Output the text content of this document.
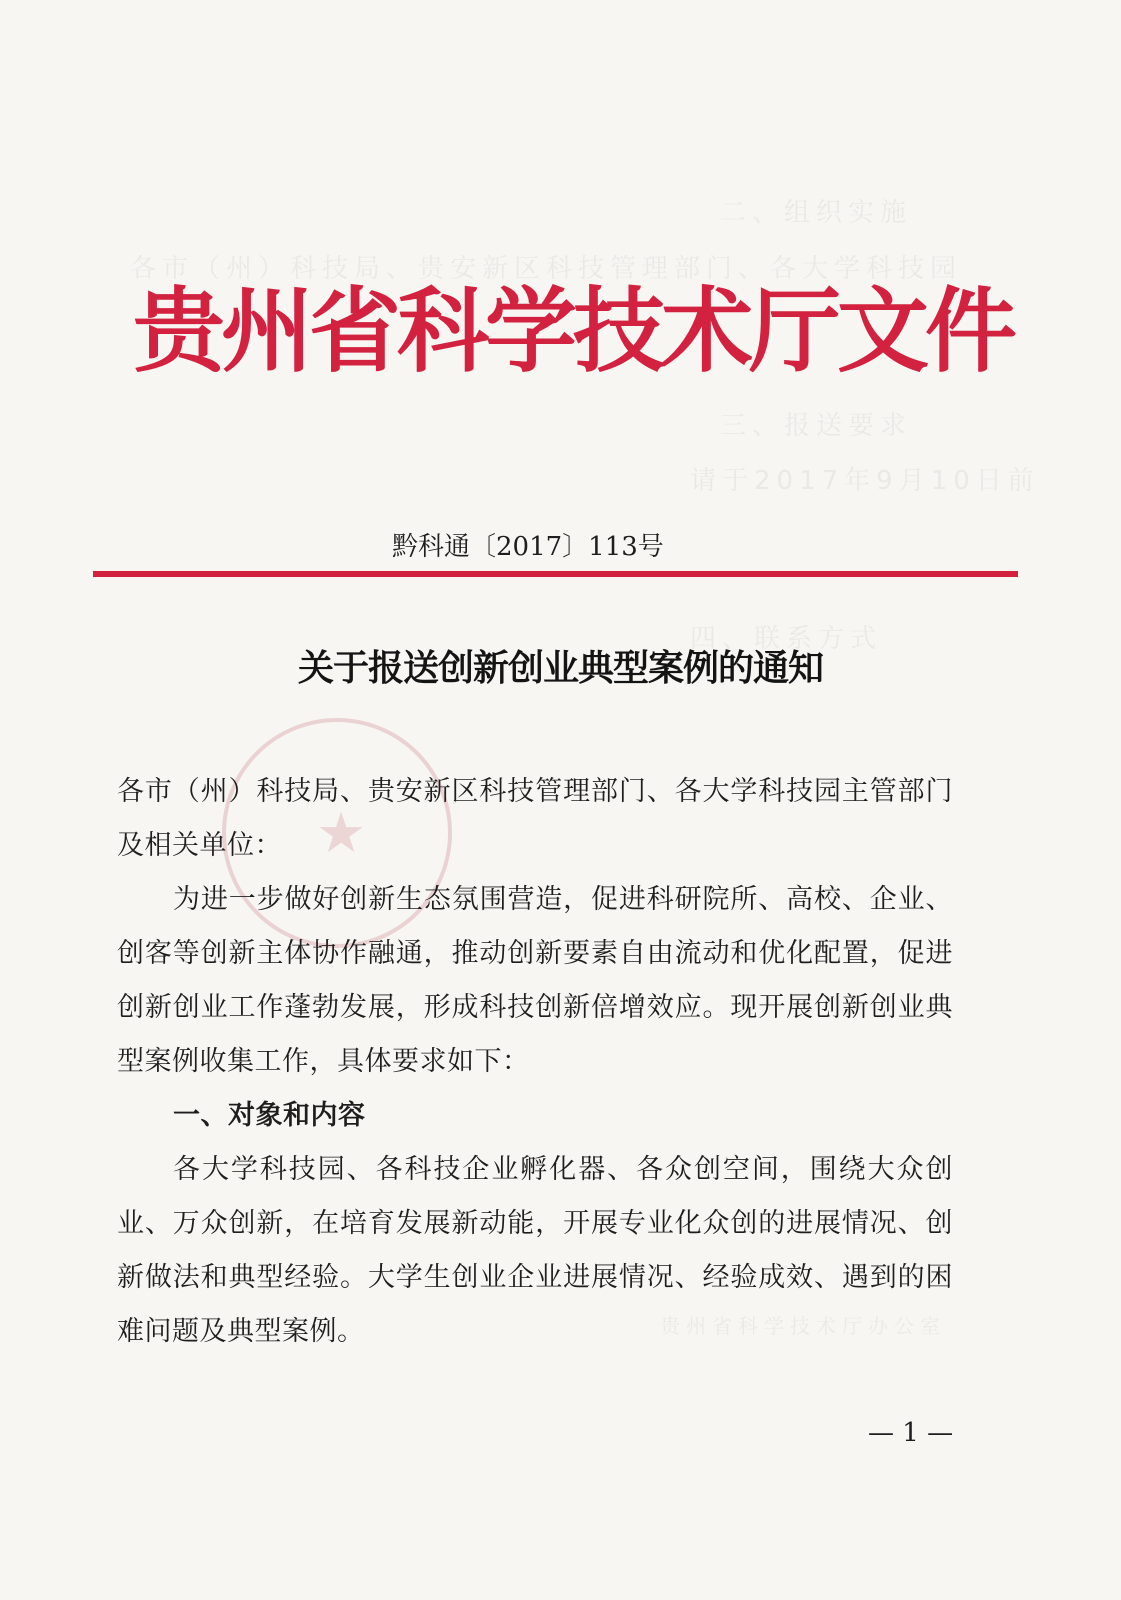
二、组织实施
各市（州）科技局、贵安新区科技管理部门、各大学科技园
三、报送要求
请于2017年9月10日前
四、联系方式
贵州省科学技术厅办公室
贵州省科学技术厅文件
黔科通〔2017〕113号
关于报送创新创业典型案例的通知
★

各市（州）科技局、贵安新区科技管理部门、各大学科技园主管部门及相关单位：

为进一步做好创新生态氛围营造，促进科研院所、高校、企业、创客等创新主体协作融通，推动创新要素自由流动和优化配置，促进创新创业工作蓬勃发展，形成科技创新倍增效应。现开展创新创业典型案例收集工作，具体要求如下：

一、对象和内容

各大学科技园、各科技企业孵化器、各众创空间，围绕大众创业、万众创新，在培育发展新动能，开展专业化众创的进展情况、创新做法和典型经验。大学生创业企业进展情况、经验成效、遇到的困难问题及典型案例。

— 1 —
